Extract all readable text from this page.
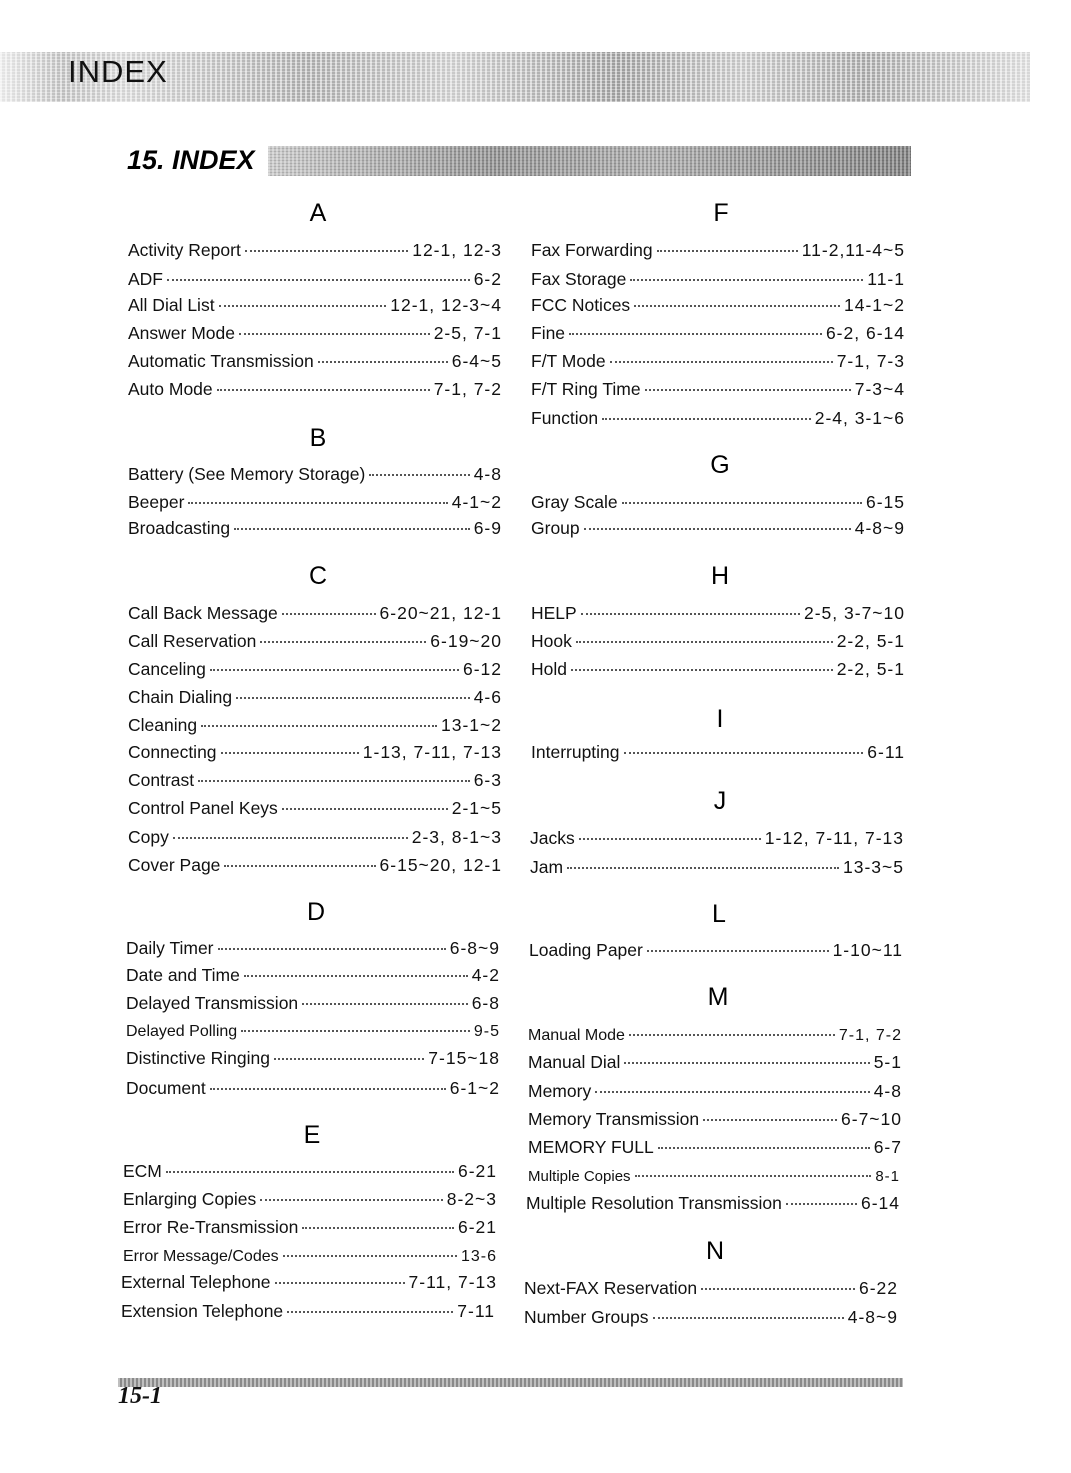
INDEX
15. INDEX
A
Activity Report	12-1, 12-3
ADF	6-2
All Dial List	12-1, 12-3~4
Answer Mode	2-5, 7-1
Automatic Transmission	6-4~5
Auto Mode	7-1, 7-2
B
Battery (See Memory Storage)	4-8
Beeper	4-1~2
Broadcasting	6-9
C
Call Back Message	6-20~21, 12-1
Call Reservation	6-19~20
Canceling	6-12
Chain Dialing	4-6
Cleaning	13-1~2
Connecting	1-13, 7-11, 7-13
Contrast	6-3
Control Panel Keys	2-1~5
Copy	2-3, 8-1~3
Cover Page	6-15~20, 12-1
D
Daily Timer	6-8~9
Date and Time	4-2
Delayed Transmission	6-8
Delayed Polling	9-5
Distinctive Ringing	7-15~18
Document	6-1~2
E
ECM	6-21
Enlarging Copies	8-2~3
Error Re-Transmission	6-21
Error Message/Codes	13-6
External Telephone	7-11, 7-13
Extension Telephone	7-11
F
Fax Forwarding	11-2,11-4~5
Fax Storage	11-1
FCC Notices	14-1~2
Fine	6-2, 6-14
F/T Mode	7-1, 7-3
F/T Ring Time	7-3~4
Function	2-4, 3-1~6
G
Gray Scale	6-15
Group	4-8~9
H
HELP	2-5, 3-7~10
Hook	2-2, 5-1
Hold	2-2, 5-1
I
Interrupting	6-11
J
Jacks	1-12, 7-11, 7-13
Jam	13-3~5
L
Loading Paper	1-10~11
M
Manual Mode	7-1, 7-2
Manual Dial	5-1
Memory	4-8
Memory Transmission	6-7~10
MEMORY FULL	6-7
Multiple Copies	8-1
Multiple Resolution Transmission	6-14
N
Next-FAX Reservation	6-22
Number Groups	4-8~9
15-1
